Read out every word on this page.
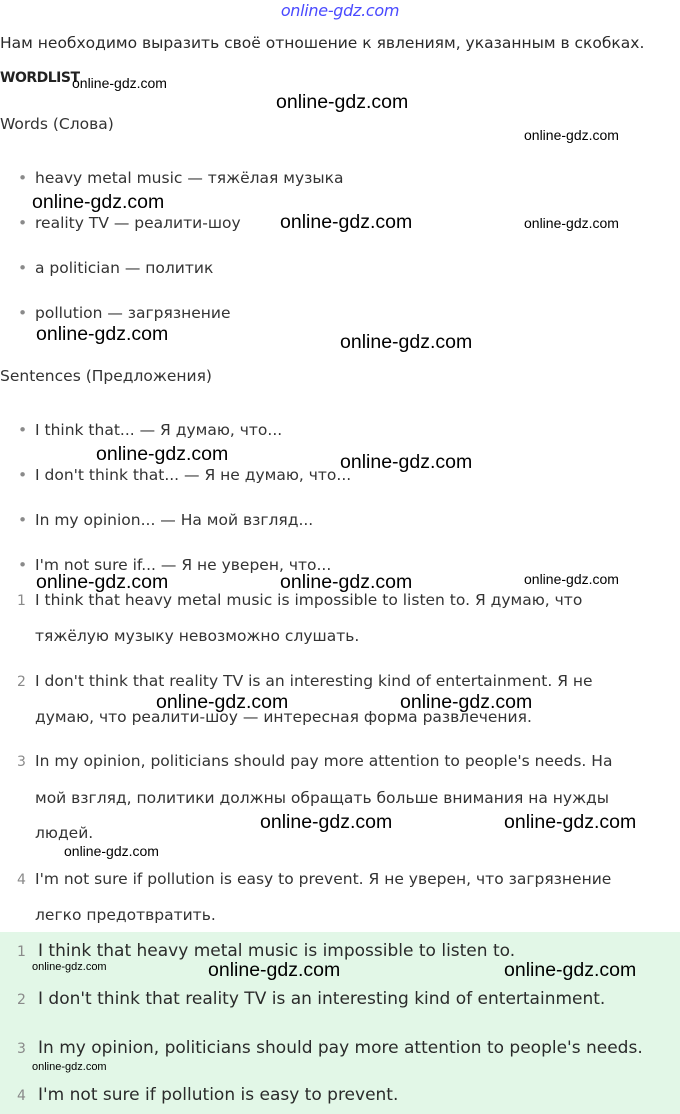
online-gdz.com
Нам необходимо выразить своё отношение к явлениям, указанным в скобках.
WORDLIST
Words (Слова)
• heavy metal music — тяжёлая музыка
• reality TV — реалити-шоу
• a politician — политик
• pollution — загрязнение
Sentences (Предложения)
• I think that... — Я думаю, что...
• I don't think that... — Я не думаю, что...
• In my opinion... — На мой взгляд...
• I'm not sure if... — Я не уверен, что...
1 I think that heavy metal music is impossible to listen to. Я думаю, что
тяжёлую музыку невозможно слушать.
2 I don't think that reality TV is an interesting kind of entertainment. Я не
думаю, что реалити-шоу — интересная форма развлечения.
3 In my opinion, politicians should pay more attention to people's needs. На
мой взгляд, политики должны обращать больше внимания на нужды
людей.
4 I'm not sure if pollution is easy to prevent. Я не уверен, что загрязнение
легко предотвратить.
1 I think that heavy metal music is impossible to listen to.
2 I don't think that reality TV is an interesting kind of entertainment.
3 In my opinion, politicians should pay more attention to people's needs.
4 I'm not sure if pollution is easy to prevent.
online-gdz.com
online-gdz.com
online-gdz.com
online-gdz.com
online-gdz.com	online-gdz.com
online-gdz.com	online-gdz.com
online-gdz.com	online-gdz.com
online-gdz.com	online-gdz.com	online-gdz.com
online-gdz.com	online-gdz.com
online-gdz.com	online-gdz.com
online-gdz.com
online-gdz.com	online-gdz.com	online-gdz.com
online-gdz.com
